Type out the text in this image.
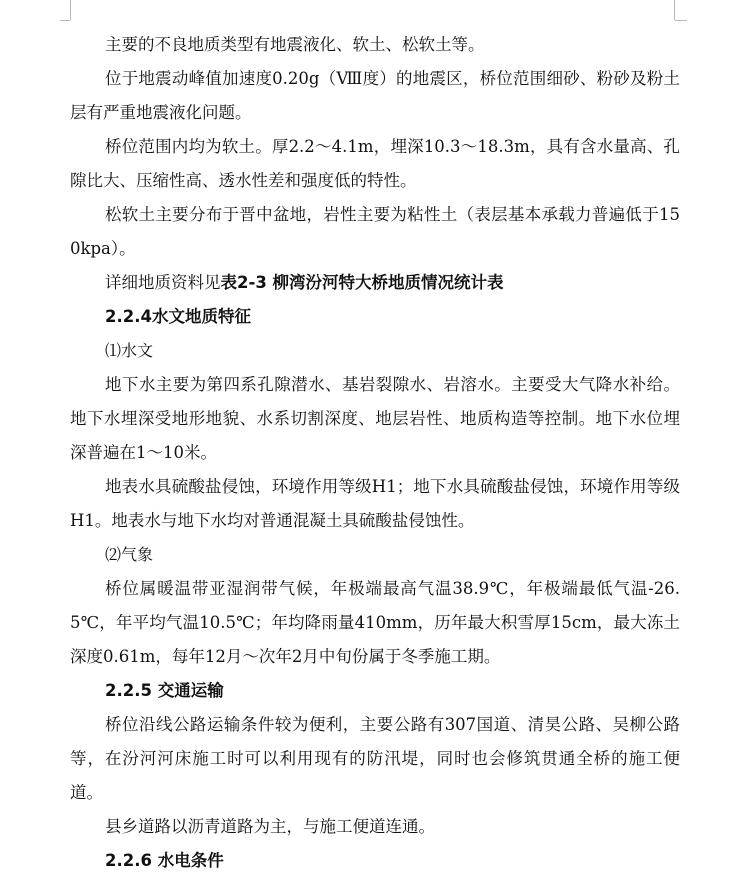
主要的不良地质类型有地震液化、软土、松软土等。

位于地震动峰值加速度0.20g（Ⅷ度）的地震区，桥位范围细砂、粉砂及粉土层有严重地震液化问题。

桥位范围内均为软土。厚2.2～4.1m，埋深10.3～18.3m，具有含水量高、孔隙比大、压缩性高、透水性差和强度低的特性。

松软土主要分布于晋中盆地，岩性主要为粘性土（表层基本承载力普遍低于150kpa）。

详细地质资料见表2-3 柳湾汾河特大桥地质情况统计表

2.2.4水文地质特征

⑴水文

地下水主要为第四系孔隙潜水、基岩裂隙水、岩溶水。主要受大气降水补给。地下水埋深受地形地貌、水系切割深度、地层岩性、地质构造等控制。地下水位埋深普遍在1～10米。

地表水具硫酸盐侵蚀，环境作用等级H1；地下水具硫酸盐侵蚀，环境作用等级H1。地表水与地下水均对普通混凝土具硫酸盐侵蚀性。

⑵气象

桥位属暖温带亚湿润带气候，年极端最高气温38.9℃，年极端最低气温-26.5℃，年平均气温10.5℃；年均降雨量410mm，历年最大积雪厚15cm，最大冻土深度0.61m，每年12月～次年2月中旬份属于冬季施工期。

2.2.5 交通运输

桥位沿线公路运输条件较为便利，主要公路有307国道、清昊公路、吴柳公路等，在汾河河床施工时可以利用现有的防汛堤，同时也会修筑贯通全桥的施工便道。

县乡道路以沥青道路为主，与施工便道连通。

2.2.6 水电条件
